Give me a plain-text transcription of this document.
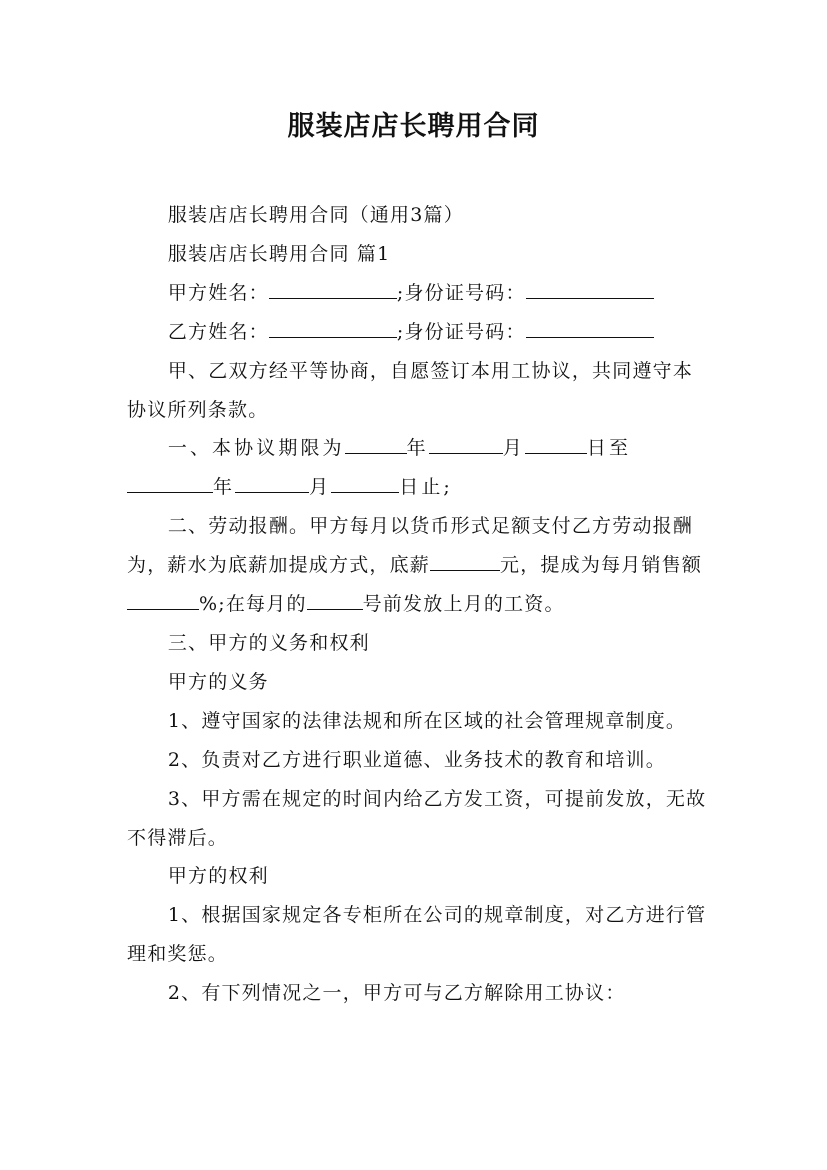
服装店店长聘用合同

服装店店长聘用合同（通用3篇）

服装店店长聘用合同 篇1

甲方姓名：	;身份证号码：

乙方姓名：	;身份证号码：

甲、乙双方经平等协商，自愿签订本用工协议，共同遵守本协议所列条款。

一、本协议期限为	年	月	日至年	月	日止;

二、劳动报酬。甲方每月以货币形式足额支付乙方劳动报酬为，薪水为底薪加提成方式，底薪	元，提成为每月销售额%;在每月的	号前发放上月的工资。

三、甲方的义务和权利

甲方的义务

1、遵守国家的法律法规和所在区域的社会管理规章制度。

2、负责对乙方进行职业道德、业务技术的教育和培训。

3、甲方需在规定的时间内给乙方发工资，可提前发放，无故不得滞后。

甲方的权利

1、根据国家规定各专柜所在公司的规章制度，对乙方进行管理和奖惩。

2、有下列情况之一，甲方可与乙方解除用工协议：
